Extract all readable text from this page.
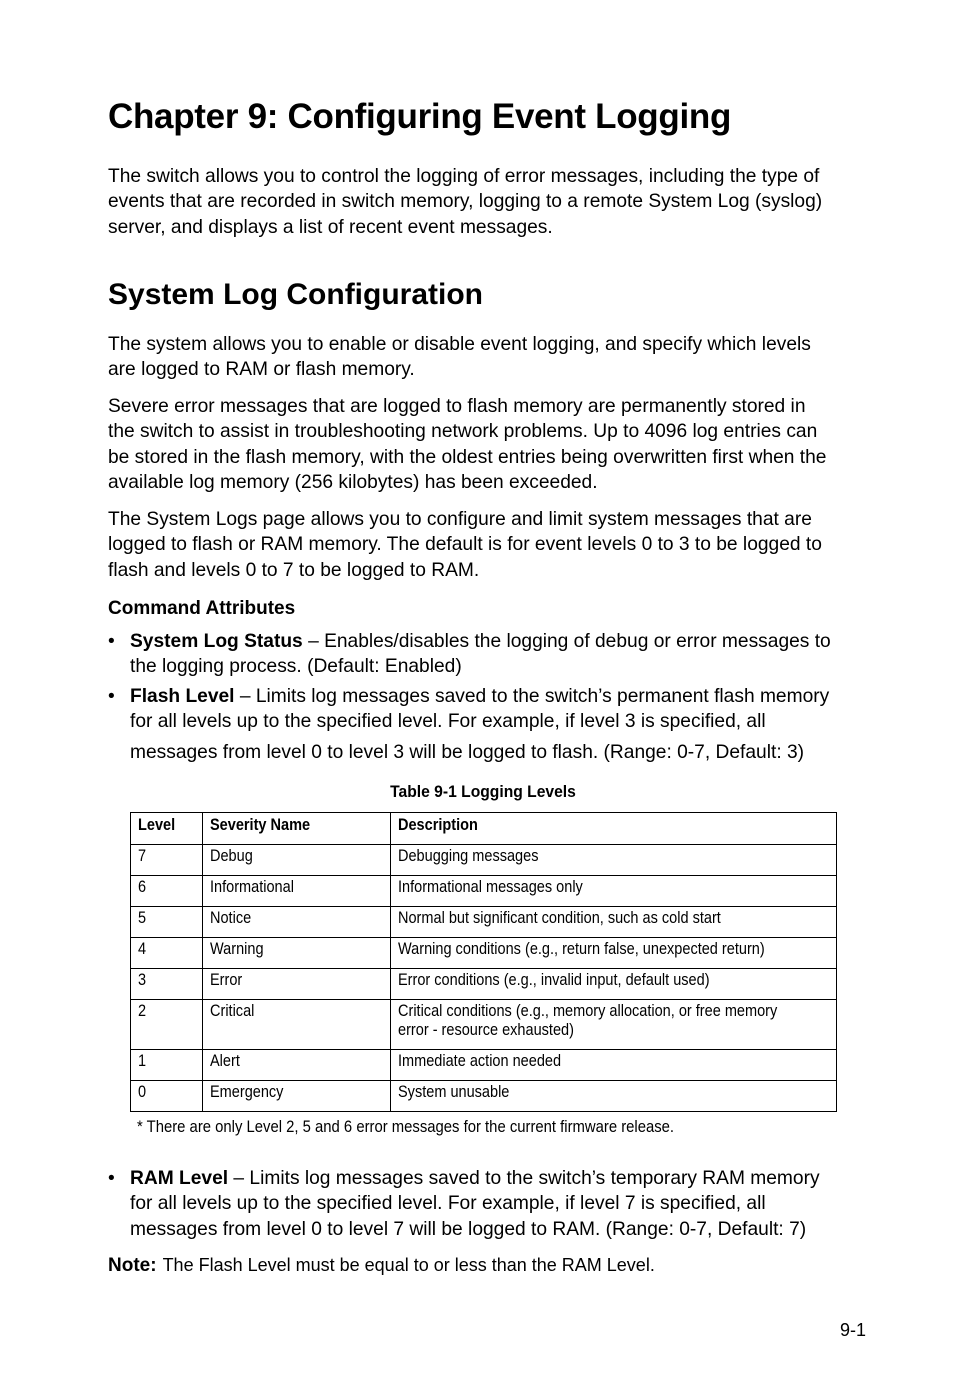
Chapter 9: Configuring Event Logging

The switch allows you to control the logging of error messages, including the type of
events that are recorded in switch memory, logging to a remote System Log (syslog)
server, and displays a list of recent event messages.

System Log Configuration

The system allows you to enable or disable event logging, and specify which levels
are logged to RAM or flash memory.

Severe error messages that are logged to flash memory are permanently stored in
the switch to assist in troubleshooting network problems. Up to 4096 log entries can
be stored in the flash memory, with the oldest entries being overwritten first when the
available log memory (256 kilobytes) has been exceeded.

The System Logs page allows you to configure and limit system messages that are
logged to flash or RAM memory. The default is for event levels 0 to 3 to be logged to
flash and levels 0 to 7 to be logged to RAM.

Command Attributes
• System Log Status – Enables/disables the logging of debug or error messages to
the logging process. (Default: Enabled)
• Flash Level – Limits log messages saved to the switch’s permanent flash memory
for all levels up to the specified level. For example, if level 3 is specified, all
messages from level 0 to level 3 will be logged to flash. (Range: 0-7, Default: 3)
Table 9-1 Logging Levels
Level	Severity Name	Description
7	Debug	Debugging messages
6	Informational	Informational messages only
5	Notice	Normal but significant condition, such as cold start
4	Warning	Warning conditions (e.g., return false, unexpected return)
3	Error	Error conditions (e.g., invalid input, default used)
2	Critical	Critical conditions (e.g., memory allocation, or free memory
error - resource exhausted)

1	Alert	Immediate action needed
0	Emergency	System unusable
* There are only Level 2, 5 and 6 error messages for the current firmware release.
• RAM Level – Limits log messages saved to the switch’s temporary RAM memory
for all levels up to the specified level. For example, if level 7 is specified, all
messages from level 0 to level 7 will be logged to RAM. (Range: 0-7, Default: 7)
Note: The Flash Level must be equal to or less than the RAM Level.
9-1
